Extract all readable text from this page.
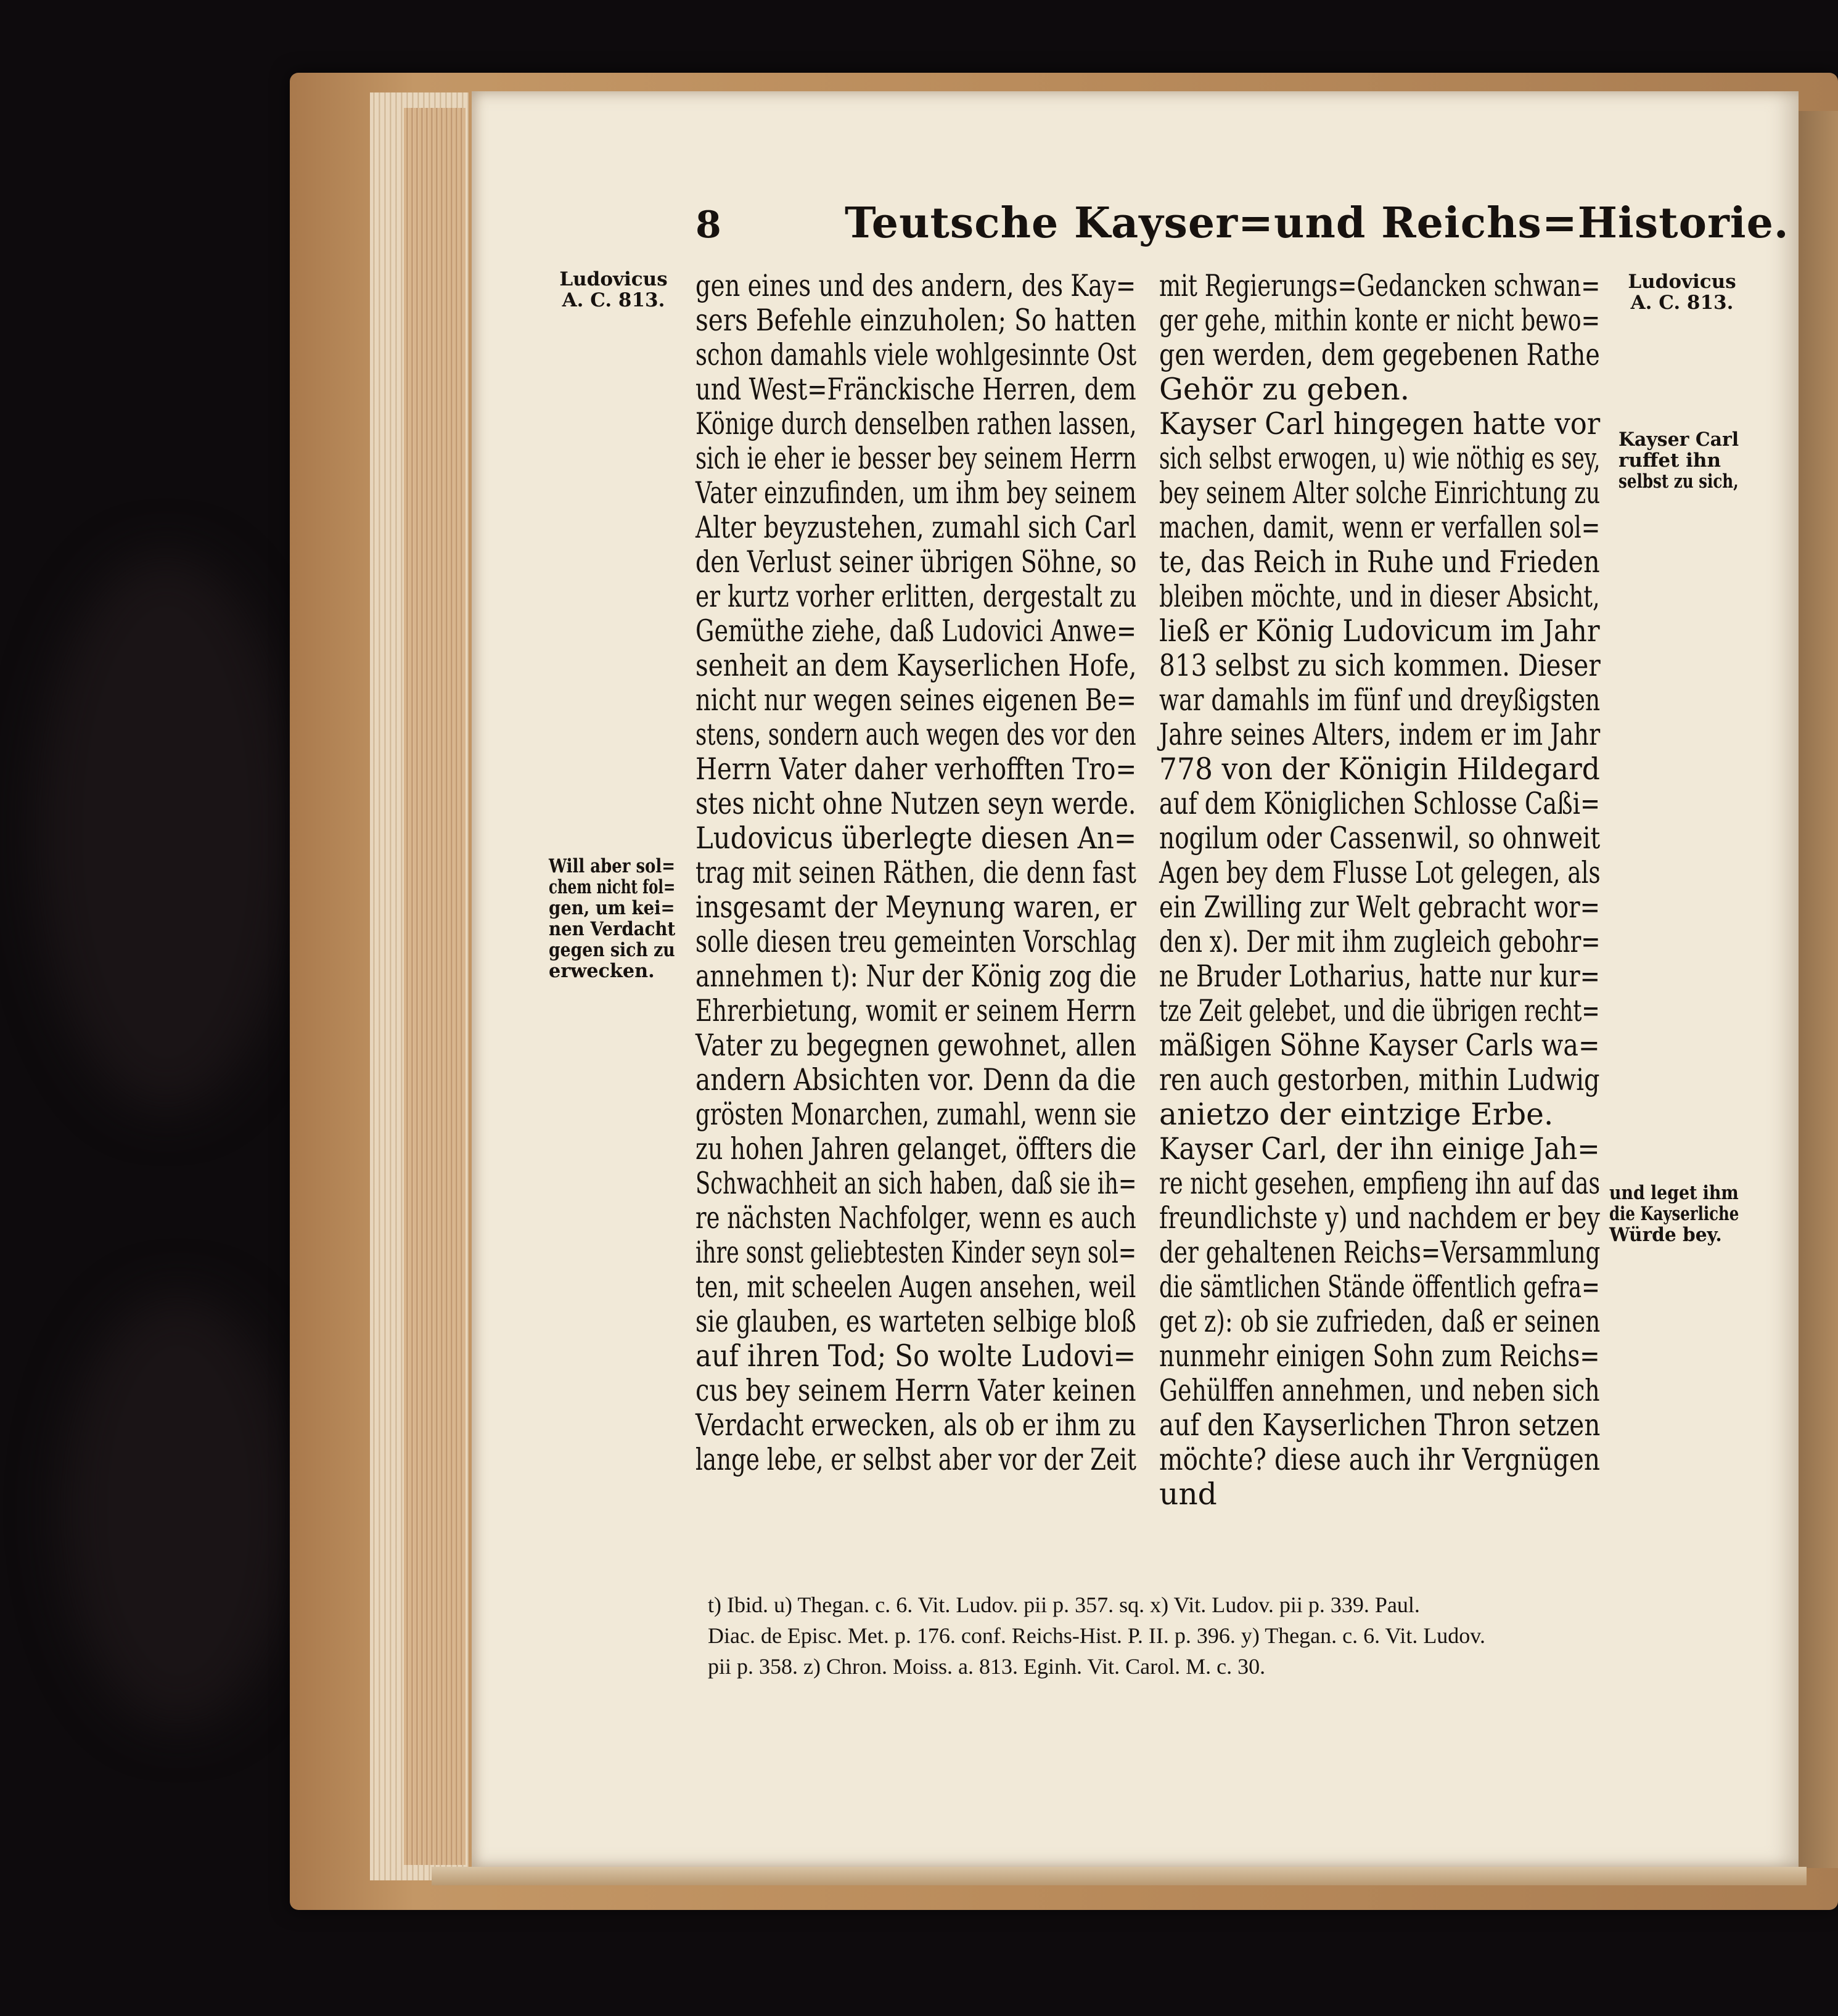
8	Teutsche Kayser=und Reichs=Historie.
Ludovicus
A. C. 813.
Will aber sol=
chem nicht fol=
gen, um kei=
nen Verdacht
gegen sich zu
erwecken.
Ludovicus
A. C. 813.
Kayser Carl
ruffet ihn
selbst zu sich,
und leget ihm
die Kayserliche
Würde bey.
gen eines und des andern, des Kay=
sers Befehle einzuholen; So hatten
schon damahls viele wohlgesinnte Ost
und West=Fränckische Herren, dem
Könige durch denselben rathen lassen,
sich ie eher ie besser bey seinem Herrn
Vater einzufinden, um ihm bey seinem
Alter beyzustehen, zumahl sich Carl
den Verlust seiner übrigen Söhne, so
er kurtz vorher erlitten, dergestalt zu
Gemüthe ziehe, daß Ludovici Anwe=
senheit an dem Kayserlichen Hofe,
nicht nur wegen seines eigenen Be=
stens, sondern auch wegen des vor den
Herrn Vater daher verhofften Tro=
stes nicht ohne Nutzen seyn werde.
Ludovicus überlegte diesen An=
trag mit seinen Räthen, die denn fast
insgesamt der Meynung waren, er
solle diesen treu gemeinten Vorschlag
annehmen t): Nur der König zog die
Ehrerbietung, womit er seinem Herrn
Vater zu begegnen gewohnet, allen
andern Absichten vor. Denn da die
grösten Monarchen, zumahl, wenn sie
zu hohen Jahren gelanget, öffters die
Schwachheit an sich haben, daß sie ih=
re nächsten Nachfolger, wenn es auch
ihre sonst geliebtesten Kinder seyn sol=
ten, mit scheelen Augen ansehen, weil
sie glauben, es warteten selbige bloß
auf ihren Tod; So wolte Ludovi=
cus bey seinem Herrn Vater keinen
Verdacht erwecken, als ob er ihm zu
lange lebe, er selbst aber vor der Zeit
mit Regierungs=Gedancken schwan=
ger gehe, mithin konte er nicht bewo=
gen werden, dem gegebenen Rathe
Gehör zu geben.
Kayser Carl hingegen hatte vor
sich selbst erwogen, u) wie nöthig es sey,
bey seinem Alter solche Einrichtung zu
machen, damit, wenn er verfallen sol=
te, das Reich in Ruhe und Frieden
bleiben möchte, und in dieser Absicht,
ließ er König Ludovicum im Jahr
813 selbst zu sich kommen. Dieser
war damahls im fünf und dreyßigsten
Jahre seines Alters, indem er im Jahr
778 von der Königin Hildegard
auf dem Königlichen Schlosse Caßi=
nogilum oder Cassenwil, so ohnweit
Agen bey dem Flusse Lot gelegen, als
ein Zwilling zur Welt gebracht wor=
den x). Der mit ihm zugleich gebohr=
ne Bruder Lotharius, hatte nur kur=
tze Zeit gelebet, und die übrigen recht=
mäßigen Söhne Kayser Carls wa=
ren auch gestorben, mithin Ludwig
anietzo der eintzige Erbe.
Kayser Carl, der ihn einige Jah=
re nicht gesehen, empfieng ihn auf das
freundlichste y) und nachdem er bey
der gehaltenen Reichs=Versammlung
die sämtlichen Stände öffentlich gefra=
get z): ob sie zufrieden, daß er seinen
nunmehr einigen Sohn zum Reichs=
Gehülffen annehmen, und neben sich
auf den Kayserlichen Thron setzen
möchte? diese auch ihr Vergnügen
und
t) Ibid. u) Thegan. c. 6. Vit. Ludov. pii p. 357. sq. x) Vit. Ludov. pii p. 339. Paul.
Diac. de Episc. Met. p. 176. conf. Reichs-Hist. P. II. p. 396. y) Thegan. c. 6. Vit. Ludov.
pii p. 358. z) Chron. Moiss. a. 813. Eginh. Vit. Carol. M. c. 30.
